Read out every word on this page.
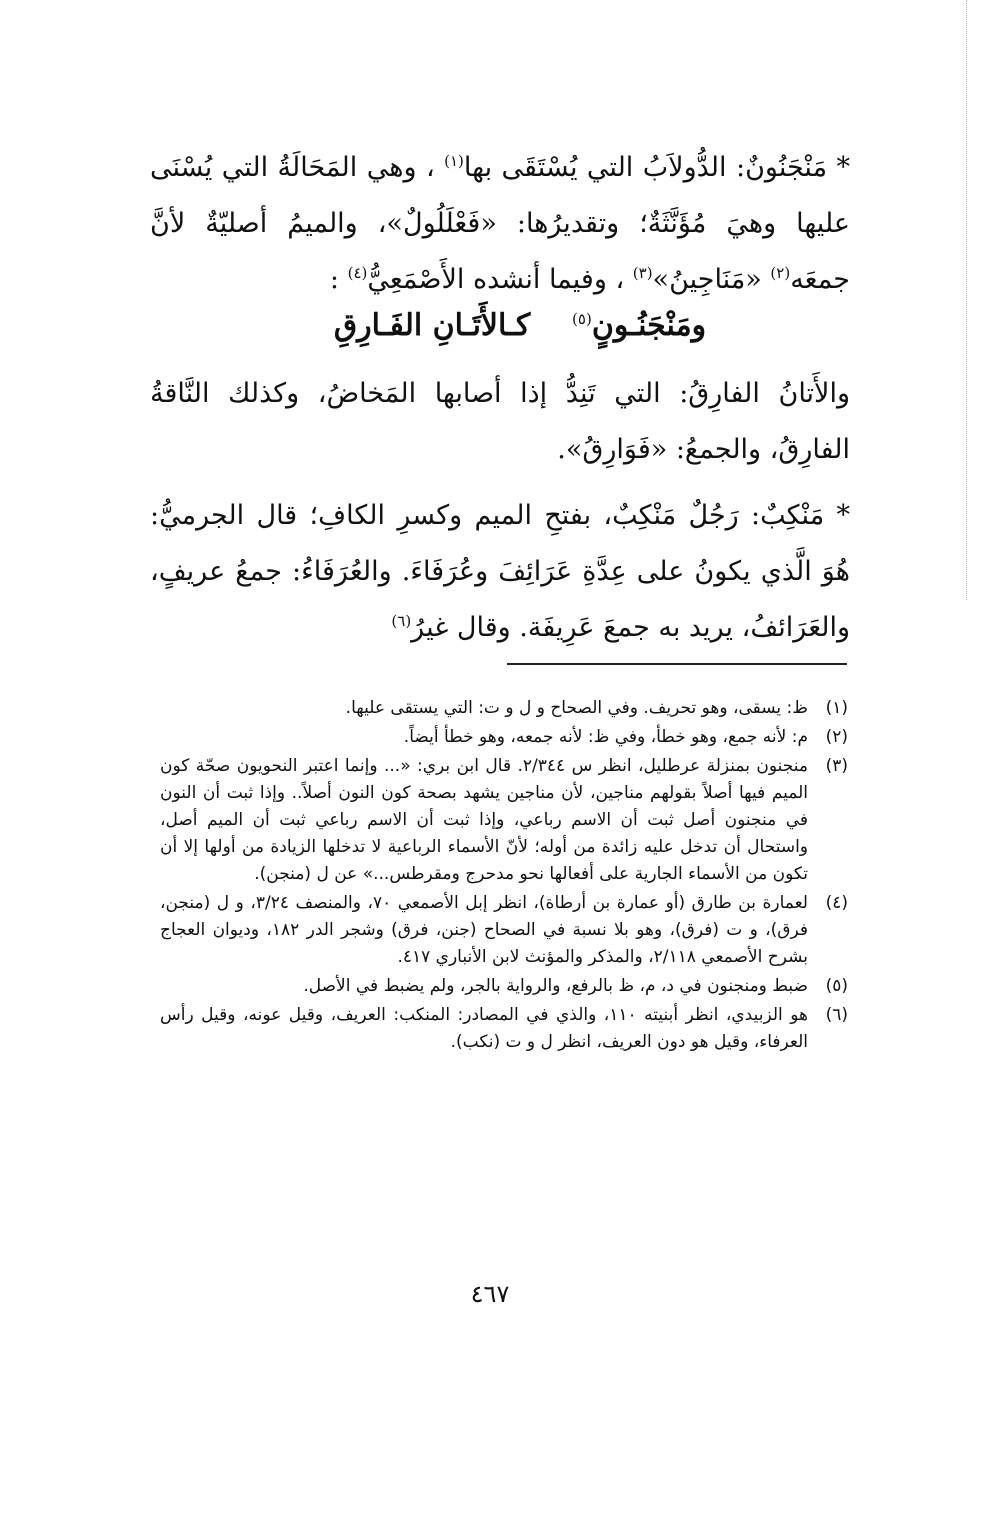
* مَنْجَنُونٌ: الدُّولاَبُ التي يُسْتَقَى بها$^{(١)}$ ، وهي المَحَالَةُ التي يُسْنَى عليها وهيَ مُؤَنَّثَةٌ؛ وتقديرُها: «فَعْلَلُولٌ»، والميمُ أصليّةٌ لأنَّ جمعَه$^{(٢)}$ «مَنَاجِينُ»$^{(٣)}$ ، وفيما أنشده الأَصْمَعِيُّ$^{(٤)}$ :

ومَنْجَنُـونٍ$^{(٥)}$    كـالأَتَـانِ الفَـارِقِ

والأَتانُ الفارِقُ: التي تَنِدُّ إذا أصابها المَخاضُ، وكذلك النَّاقةُ الفارِقُ، والجمعُ: «فَوَارِقُ».

* مَنْكِبٌ: رَجُلٌ مَنْكِبٌ، بفتحِ الميم وكسرِ الكافِ؛ قال الجرميُّ: هُوَ الَّذي يكونُ على عِدَّةِ عَرَائِفَ وعُرَفَاءَ. والعُرَفَاءُ: جمعُ عريفٍ، والعَرَائفُ، يريد به جمعَ عَرِيفَة. وقال غيرُ$^{(٦)}$

(١)
ظ: يسقى، وهو تحريف. وفي الصحاح و ل و ت: التي يستقى عليها.
(٢)
م: لأنه جمع، وهو خطأ، وفي ظ: لأنه جمعه، وهو خطأ أيضاً.
(٣)
منجنون بمنزلة عرطليل، انظر س ٢/٣٤٤. قال ابن بري: «... وإنما اعتبر النحويون صحّة كون الميم فيها أصلاً بقولهم مناجين، لأن مناجين يشهد بصحة كون النون أصلاً.. وإذا ثبت أن النون في منجنون أصل ثبت أن الاسم رباعي، وإذا ثبت أن الاسم رباعي ثبت أن الميم أصل، واستحال أن تدخل عليه زائدة من أوله؛ لأنّ الأسماء الرباعية لا تدخلها الزيادة من أولها إلا أن تكون من الأسماء الجارية على أفعالها نحو مدحرج ومقرطس...» عن ل (منجن).
(٤)
لعمارة بن طارق (أو عمارة بن أرطاة)، انظر إبل الأصمعي ٧٠، والمنصف ٣/٢٤، و ل (منجن، فرق)، و ت (فرق)، وهو بلا نسبة في الصحاح (جنن، فرق) وشجر الدر ١٨٢، وديوان العجاج بشرح الأصمعي ٢/١١٨، والمذكر والمؤنث لابن الأنباري ٤١٧.
(٥)
ضبط ومنجنون في د، م، ظ بالرفع، والرواية بالجر، ولم يضبط في الأصل.
(٦)
هو الزبيدي، انظر أبنيته ١١٠، والذي في المصادر: المنكب: العريف، وقيل عونه، وقيل رأس العرفاء، وقيل هو دون العريف، انظر ل و ت (نكب).
٤٦٧
